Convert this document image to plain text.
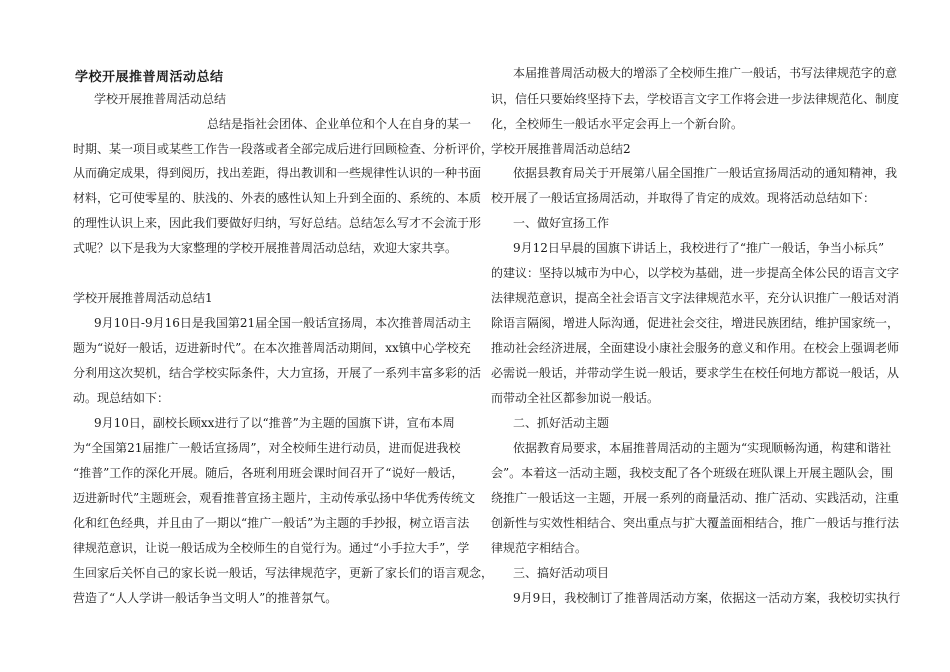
学校开展推普周活动总结
学校开展推普周活动总结
总结是指社会团体、企业单位和个人在自身的某一
时期、某一项目或某些工作告一段落或者全部完成后进行回顾检查、分析评价，
从而确定成果，得到阅历，找出差距，得出教训和一些规律性认识的一种书面
材料，它可使零星的、肤浅的、外表的感性认知上升到全面的、系统的、本质
的理性认识上来，因此我们要做好归纳，写好总结。总结怎么写才不会流于形
式呢？以下是我为大家整理的学校开展推普周活动总结，欢迎大家共享。
学校开展推普周活动总结1
9月10日-9月16日是我国第21届全国一般话宣扬周，本次推普周活动主
题为“说好一般话，迈进新时代”。在本次推普周活动期间，xx镇中心学校充
分利用这次契机，结合学校实际条件，大力宣扬，开展了一系列丰富多彩的活
动。现总结如下：
9月10日，副校长顾xx进行了以“推普”为主题的国旗下讲，宣布本周
为“全国第21届推广一般话宣扬周”，对全校师生进行动员，进而促进我校
“推普”工作的深化开展。随后，各班利用班会课时间召开了“说好一般话，
迈进新时代”主题班会，观看推普宣扬主题片，主动传承弘扬中华优秀传统文
化和红色经典，并且由了一期以“推广一般话”为主题的手抄报，树立语言法
律规范意识，让说一般话成为全校师生的自觉行为。通过“小手拉大手”，学
生回家后关怀自己的家长说一般话，写法律规范字，更新了家长们的语言观念，
营造了“人人学讲一般话争当文明人”的推普氛气。
本届推普周活动极大的增添了全校师生推广一般话，书写法律规范字的意
识，信任只要始终坚持下去，学校语言文字工作将会进一步法律规范化、制度
化，全校师生一般话水平定会再上一个新台阶。
学校开展推普周活动总结2
依据县教育局关于开展第八届全国推广一般话宣扬周活动的通知精神，我
校开展了一般话宣扬周活动，并取得了肯定的成效。现将活动总结如下：
一、做好宣扬工作
9月12日早晨的国旗下讲话上，我校进行了“推广一般话，争当小标兵”
的建议：坚持以城市为中心，以学校为基础，进一步提高全体公民的语言文字
法律规范意识，提高全社会语言文字法律规范水平，充分认识推广一般话对消
除语言隔阂，增进人际沟通，促进社会交往，增进民族团结，维护国家统一，
推动社会经济进展，全面建设小康社会服务的意义和作用。在校会上强调老师
必需说一般话，并带动学生说一般话，要求学生在校任何地方都说一般话，从
而带动全社区都参加说一般话。
二、抓好活动主题
依据教育局要求，本届推普周活动的主题为“实现顺畅沟通，构建和谐社
会”。本着这一活动主题，我校支配了各个班级在班队课上开展主题队会，围
绕推广一般话这一主题，开展一系列的商量活动、推广活动、实践活动，注重
创新性与实效性相结合、突出重点与扩大覆盖面相结合，推广一般话与推行法
律规范字相结合。
三、搞好活动项目
9月9日，我校制订了推普周活动方案，依据这一活动方案，我校切实执行
